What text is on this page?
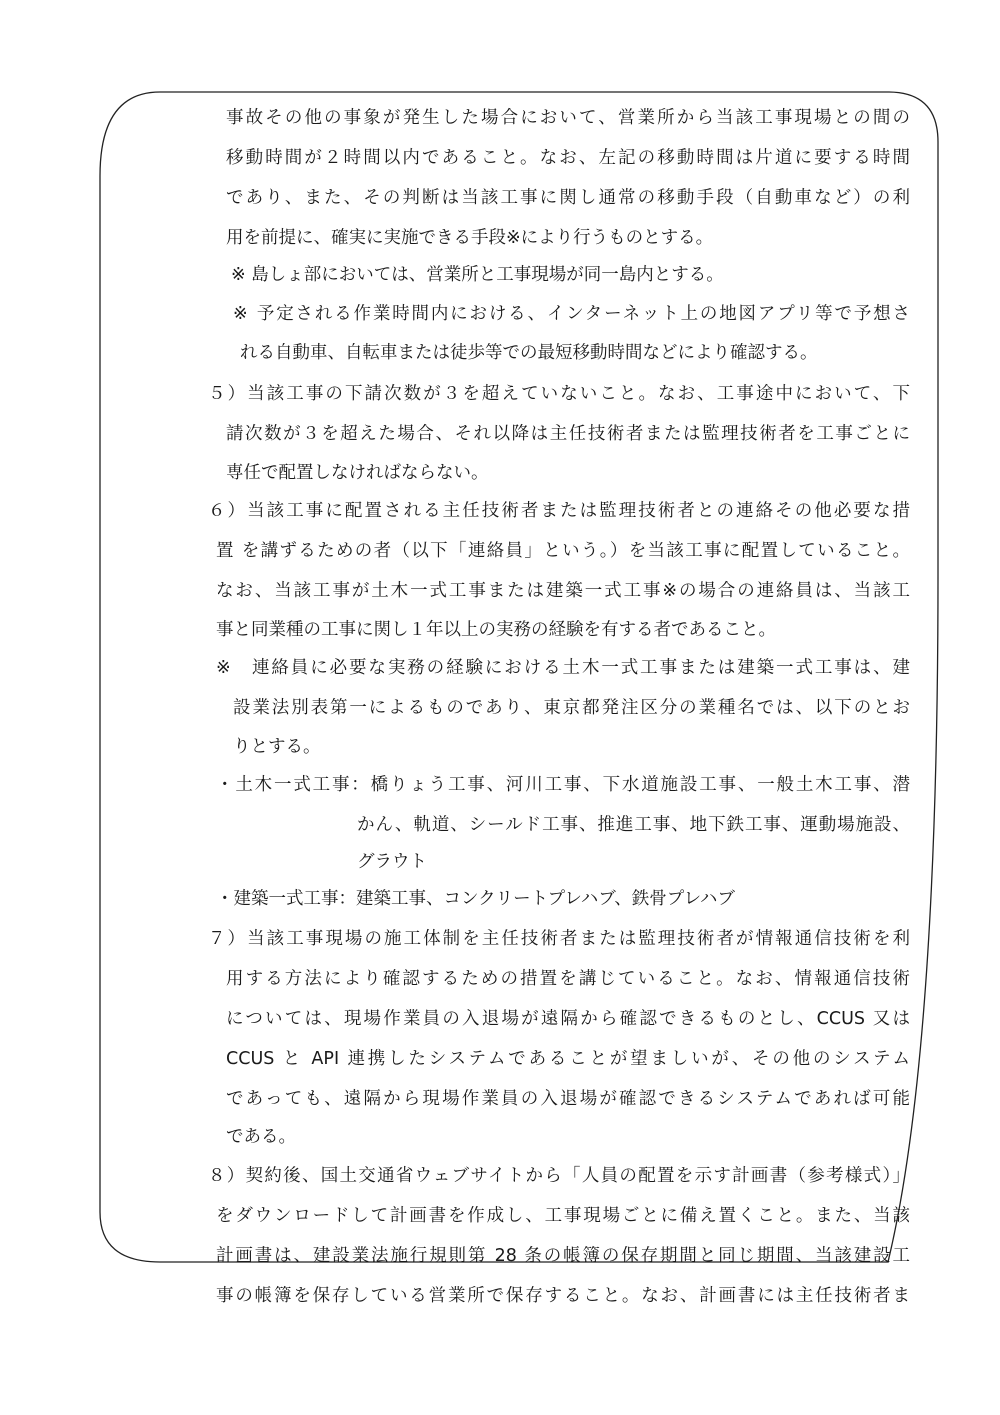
事故その他の事象が発生した場合において、営業所から当該工事現場との間の
移動時間が２時間以内であること。なお、左記の移動時間は片道に要する時間
であり、また、その判断は当該工事に関し通常の移動手段（自動車など）の利
用を前提に、確実に実施できる手段※により行うものとする。
※ 島しょ部においては、営業所と工事現場が同一島内とする。
※ 予定される作業時間内における、インターネット上の地図アプリ等で予想さ
れる自動車、自転車または徒歩等での最短移動時間などにより確認する。
５）当該工事の下請次数が３を超えていないこと。なお、工事途中において、下
請次数が３を超えた場合、それ以降は主任技術者または監理技術者を工事ごとに
専任で配置しなければならない。
６）当該工事に配置される主任技術者または監理技術者との連絡その他必要な措
置 を講ずるための者（以下「連絡員」という。）を当該工事に配置していること。
なお、当該工事が土木一式工事または建築一式工事※の場合の連絡員は、当該工
事と同業種の工事に関し１年以上の実務の経験を有する者であること。
※　連絡員に必要な実務の経験における土木一式工事または建築一式工事は、建
設業法別表第一によるものであり、東京都発注区分の業種名では、以下のとお
りとする。
・土木一式工事：橋りょう工事、河川工事、下水道施設工事、一般土木工事、潜
かん、軌道、シールド工事、推進工事、地下鉄工事、運動場施設、
グラウト
・建築一式工事：建築工事、コンクリートプレハブ、鉄骨プレハブ
７）当該工事現場の施工体制を主任技術者または監理技術者が情報通信技術を利
用する方法により確認するための措置を講じていること。なお、情報通信技術
については、現場作業員の入退場が遠隔から確認できるものとし、CCUS 又は
CCUS と API 連携したシステムであることが望ましいが、その他のシステム
であっても、遠隔から現場作業員の入退場が確認できるシステムであれば可能
である。
８）契約後、国土交通省ウェブサイトから「人員の配置を示す計画書（参考様式）」
をダウンロードして計画書を作成し、工事現場ごとに備え置くこと。また、当該
計画書は、建設業法施行規則第 28 条の帳簿の保存期間と同じ期間、当該建設工
事の帳簿を保存している営業所で保存すること。なお、計画書には主任技術者ま
